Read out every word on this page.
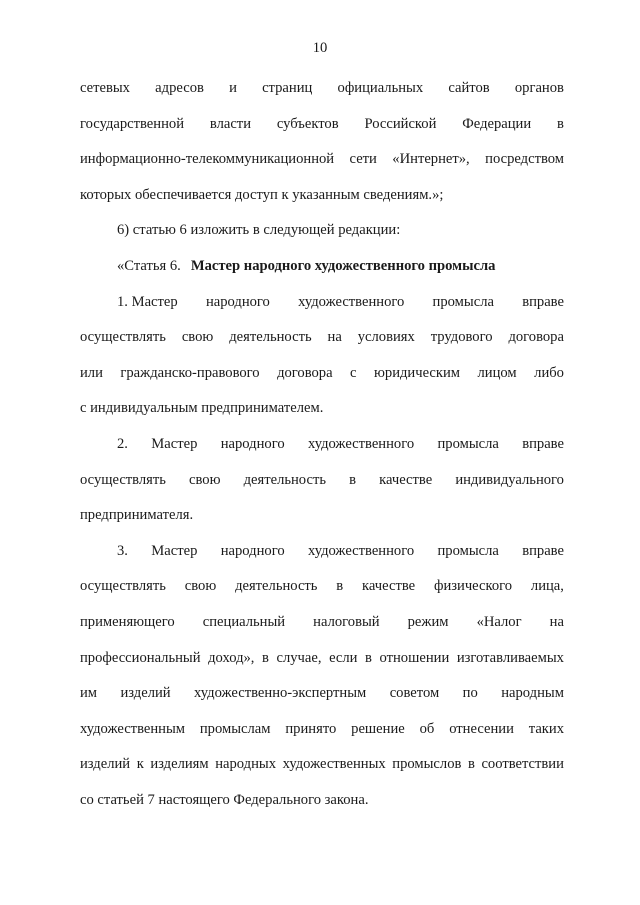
10
сетевых адресов и страниц официальных сайтов органов
государственной власти субъектов Российской Федерации в
информационно-телекоммуникационной сети «Интернет», посредством
которых обеспечивается доступ к указанным сведениям.»;
6) статью 6 изложить в следующей редакции:
«Статья 6. Мастер народного художественного промысла
1. Мастер народного художественного промысла вправе
осуществлять свою деятельность на условиях трудового договора
или гражданско-правового договора с юридическим лицом либо
с индивидуальным предпринимателем.
2. Мастер народного художественного промысла вправе
осуществлять свою деятельность в качестве индивидуального
предпринимателя.
3. Мастер народного художественного промысла вправе
осуществлять свою деятельность в качестве физического лица,
применяющего специальный налоговый режим «Налог на
профессиональный доход», в случае, если в отношении изготавливаемых
им изделий художественно-экспертным советом по народным
художественным промыслам принято решение об отнесении таких
изделий к изделиям народных художественных промыслов в соответствии
со статьей 7 настоящего Федерального закона.
